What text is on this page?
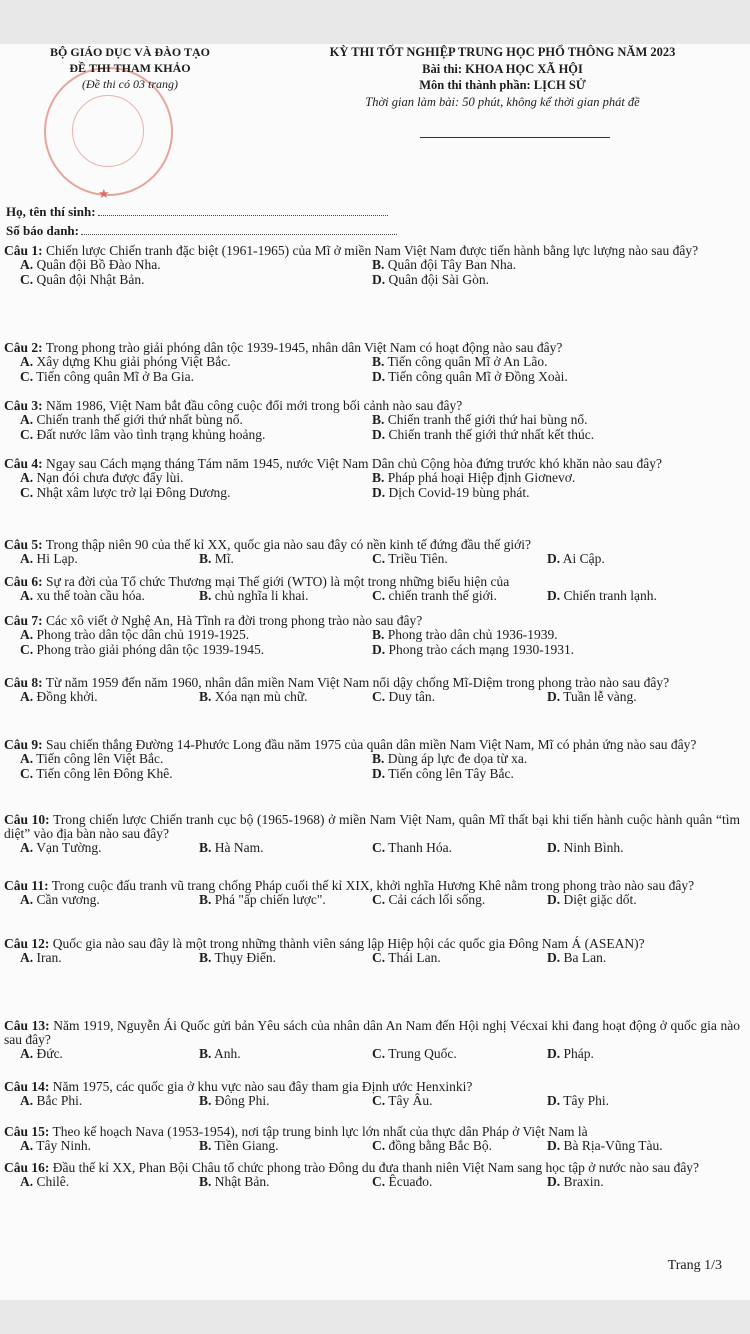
★
BỘ GIÁO DỤC VÀ ĐÀO TẠO
ĐỀ THI THAM KHẢO
(Đề thi có 03 trang)
KỲ THI TỐT NGHIỆP TRUNG HỌC PHỔ THÔNG NĂM 2023
Bài thi: KHOA HỌC XÃ HỘI
Môn thi thành phần: LỊCH SỬ
Thời gian làm bài: 50 phút, không kể thời gian phát đề
Họ, tên thí sinh:
Số báo danh:
Câu 1: Chiến lược Chiến tranh đặc biệt (1961-1965) của Mĩ ở miền Nam Việt Nam được tiến hành bằng lực lượng nào sau đây?
A. Quân đội Bồ Đào Nha.	B. Quân đội Tây Ban Nha.
C. Quân đội Nhật Bản.	D. Quân đội Sài Gòn.
Câu 2: Trong phong trào giải phóng dân tộc 1939-1945, nhân dân Việt Nam có hoạt động nào sau đây?
A. Xây dựng Khu giải phóng Việt Bắc.	B. Tiến công quân Mĩ ở An Lão.
C. Tiến công quân Mĩ ở Ba Gia.	D. Tiến công quân Mĩ ở Đồng Xoài.
Câu 3: Năm 1986, Việt Nam bắt đầu công cuộc đổi mới trong bối cảnh nào sau đây?
A. Chiến tranh thế giới thứ nhất bùng nổ.	B. Chiến tranh thế giới thứ hai bùng nổ.
C. Đất nước lâm vào tình trạng khủng hoảng.	D. Chiến tranh thế giới thứ nhất kết thúc.
Câu 4: Ngay sau Cách mạng tháng Tám năm 1945, nước Việt Nam Dân chủ Cộng hòa đứng trước khó khăn nào sau đây?
A. Nạn đói chưa được đẩy lùi.	B. Pháp phá hoại Hiệp định Giơnevơ.
C. Nhật xâm lược trở lại Đông Dương.	D. Dịch Covid-19 bùng phát.
Câu 5: Trong thập niên 90 của thế kỉ XX, quốc gia nào sau đây có nền kinh tế đứng đầu thế giới?
A. Hi Lạp.	B. Mĩ.	C. Triều Tiên.	D. Ai Cập.
Câu 6: Sự ra đời của Tổ chức Thương mại Thế giới (WTO) là một trong những biểu hiện của
A. xu thế toàn cầu hóa.	B. chủ nghĩa li khai.	C. chiến tranh thế giới.	D. Chiến tranh lạnh.
Câu 7: Các xô viết ở Nghệ An, Hà Tĩnh ra đời trong phong trào nào sau đây?
A. Phong trào dân tộc dân chủ 1919-1925.	B. Phong trào dân chủ 1936-1939.
C. Phong trào giải phóng dân tộc 1939-1945.	D. Phong trào cách mạng 1930-1931.
Câu 8: Từ năm 1959 đến năm 1960, nhân dân miền Nam Việt Nam nổi dậy chống Mĩ-Diệm trong phong trào nào sau đây?
A. Đồng khởi.	B. Xóa nạn mù chữ.	C. Duy tân.	D. Tuần lễ vàng.
Câu 9: Sau chiến thắng Đường 14-Phước Long đầu năm 1975 của quân dân miền Nam Việt Nam, Mĩ có phản ứng nào sau đây?
A. Tiến công lên Việt Bắc.	B. Dùng áp lực đe dọa từ xa.
C. Tiến công lên Đông Khê.	D. Tiến công lên Tây Bắc.
Câu 10: Trong chiến lược Chiến tranh cục bộ (1965-1968) ở miền Nam Việt Nam, quân Mĩ thất bại khi tiến hành cuộc hành quân “tìm diệt” vào địa bàn nào sau đây?
A. Vạn Tường.	B. Hà Nam.	C. Thanh Hóa.	D. Ninh Bình.
Câu 11: Trong cuộc đấu tranh vũ trang chống Pháp cuối thế kỉ XIX, khởi nghĩa Hương Khê nằm trong phong trào nào sau đây?
A. Cần vương.	B. Phá "ấp chiến lược".	C. Cải cách lối sống.	D. Diệt giặc dốt.
Câu 12: Quốc gia nào sau đây là một trong những thành viên sáng lập Hiệp hội các quốc gia Đông Nam Á (ASEAN)?
A. Iran.	B. Thụy Điển.	C. Thái Lan.	D. Ba Lan.
Câu 13: Năm 1919, Nguyễn Ái Quốc gửi bản Yêu sách của nhân dân An Nam đến Hội nghị Vécxai khi đang hoạt động ở quốc gia nào sau đây?
A. Đức.	B. Anh.	C. Trung Quốc.	D. Pháp.
Câu 14: Năm 1975, các quốc gia ở khu vực nào sau đây tham gia Định ước Henxinki?
A. Bắc Phi.	B. Đông Phi.	C. Tây Âu.	D. Tây Phi.
Câu 15: Theo kế hoạch Nava (1953-1954), nơi tập trung binh lực lớn nhất của thực dân Pháp ở Việt Nam là
A. Tây Ninh.	B. Tiền Giang.	C. đồng bằng Bắc Bộ.	D. Bà Rịa-Vũng Tàu.
Câu 16: Đầu thế kỉ XX, Phan Bội Châu tổ chức phong trào Đông du đưa thanh niên Việt Nam sang học tập ở nước nào sau đây?
A. Chilê.	B. Nhật Bản.	C. Êcuađo.	D. Braxin.
Trang 1/3
